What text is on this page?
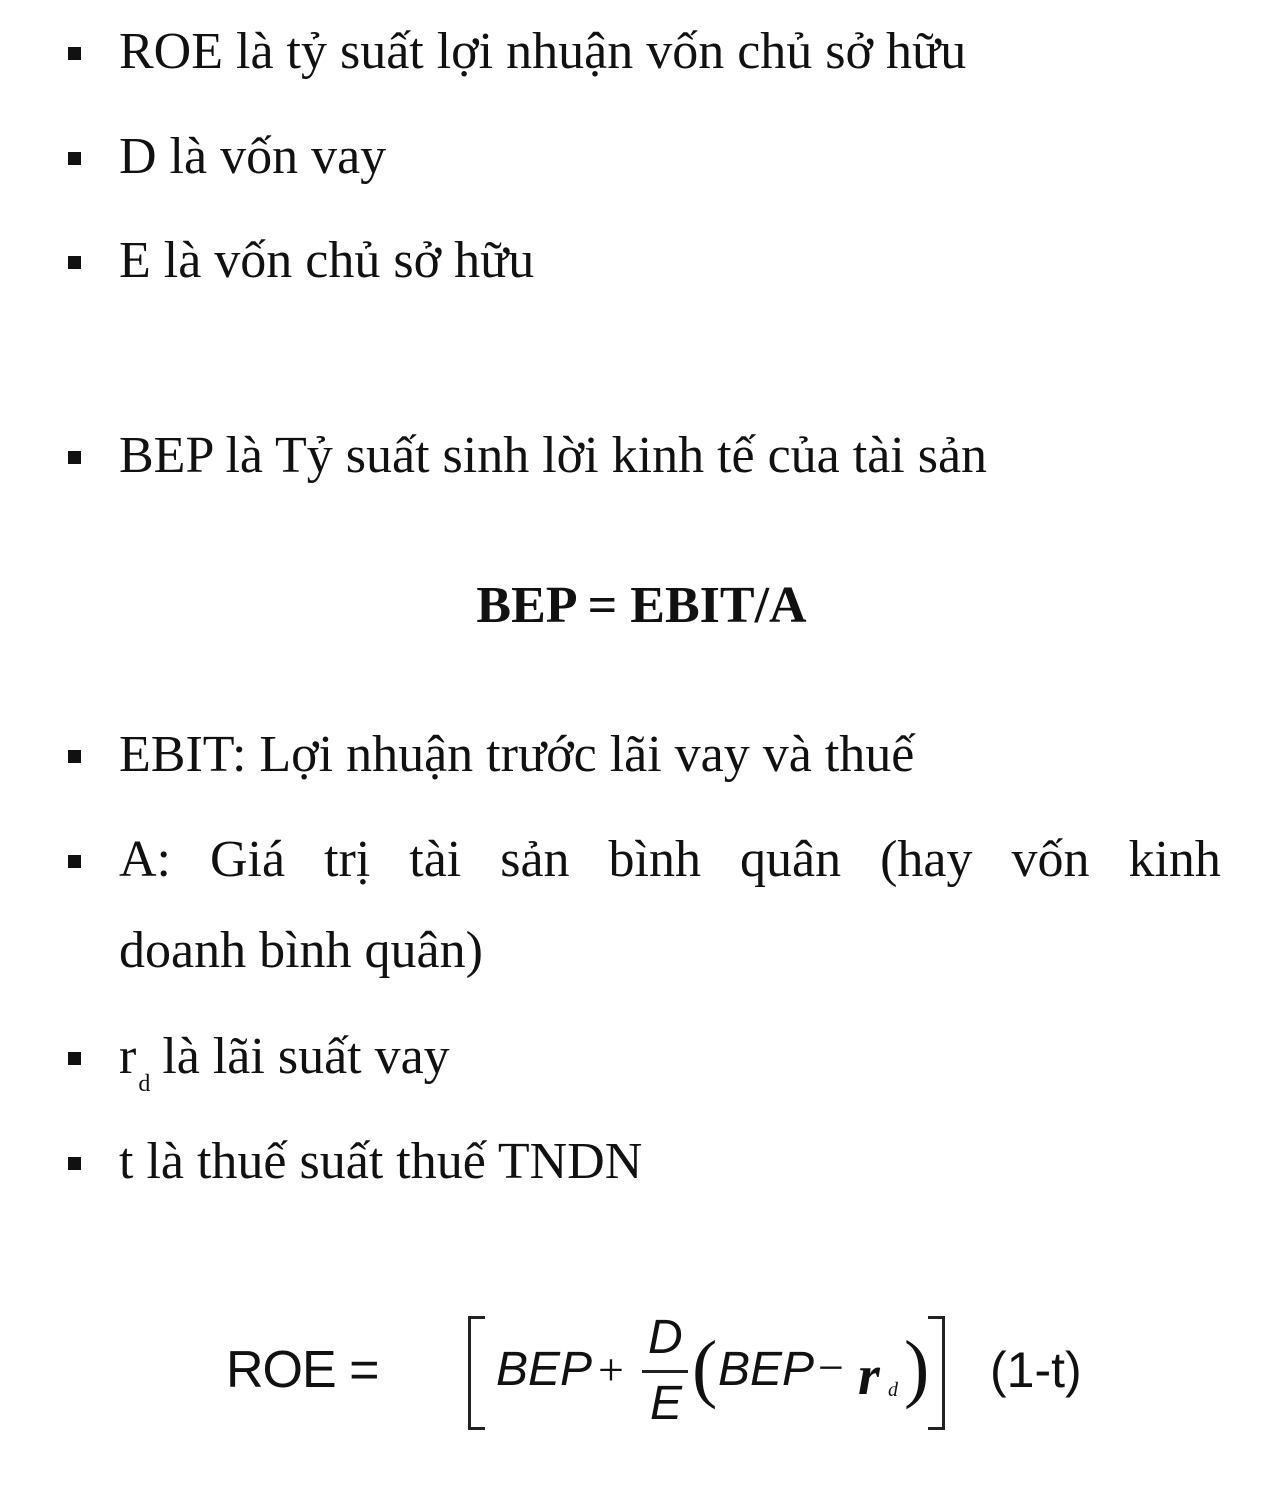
ROE là tỷ suất lợi nhuận vốn chủ sở hữu
D là vốn vay
E là vốn chủ sở hữu
BEP là Tỷ suất sinh lời kinh tế của tài sản
BEP = EBIT/A
EBIT: Lợi nhuận trước lãi vay và thuế
A: Giá trị tài sản bình quân (hay vốn kinh
doanh bình quân)
$r_d$ là lãi suất vay
t là thuế suất thuế TNDN
ROE = BEP +
D
E ( BEP − r d ) (1-t)
